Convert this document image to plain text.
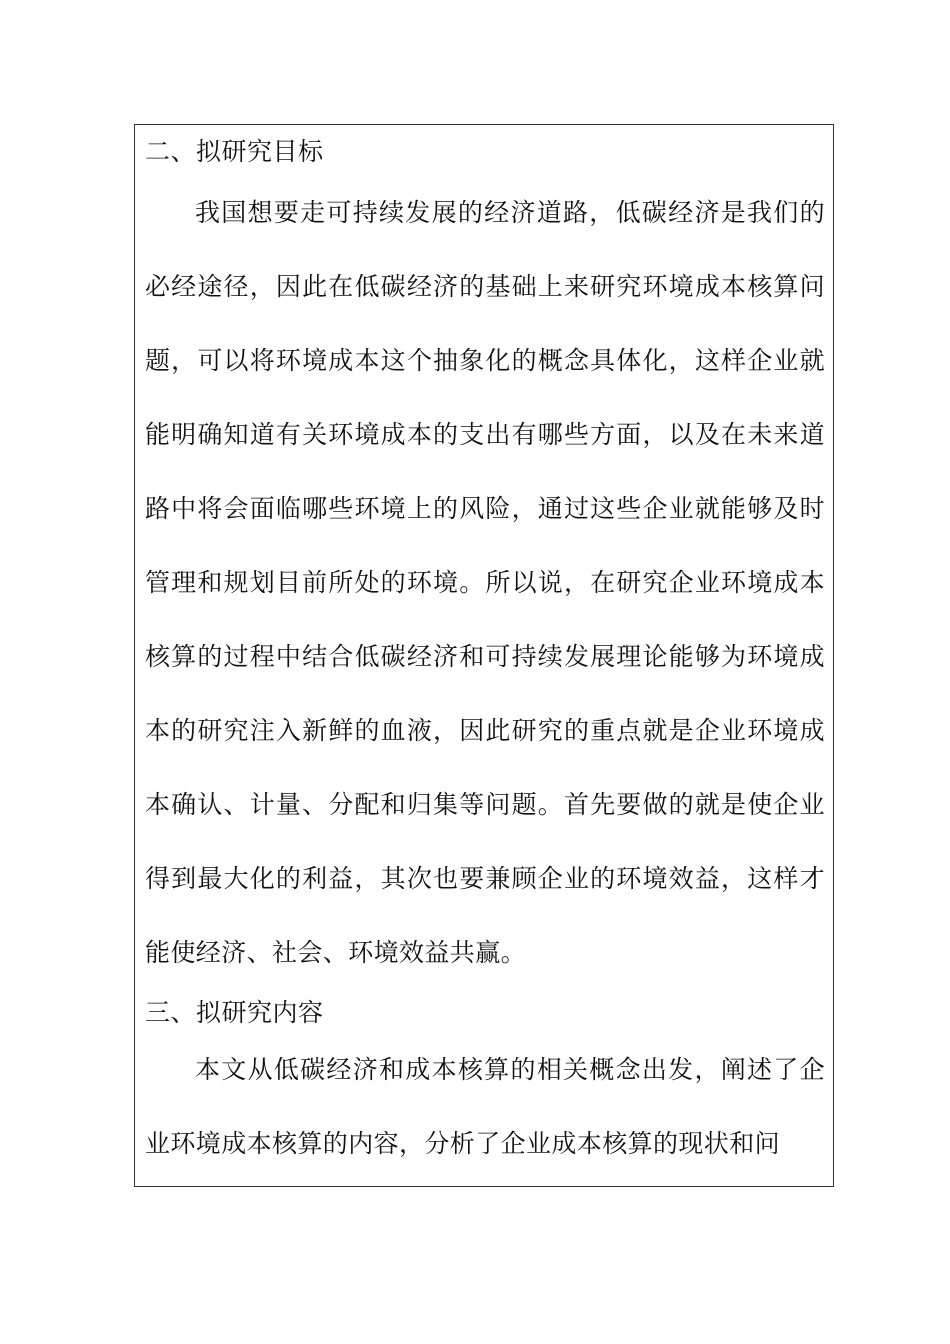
二、拟研究目标
我国想要走可持续发展的经济道路，低碳经济是我们的必经途径，因此在低碳经济的基础上来研究环境成本核算问题，可以将环境成本这个抽象化的概念具体化，这样企业就能明确知道有关环境成本的支出有哪些方面，以及在未来道路中将会面临哪些环境上的风险，通过这些企业就能够及时管理和规划目前所处的环境。所以说，在研究企业环境成本核算的过程中结合低碳经济和可持续发展理论能够为环境成本的研究注入新鲜的血液，因此研究的重点就是企业环境成本确认、计量、分配和归集等问题。首先要做的就是使企业得到最大化的利益，其次也要兼顾企业的环境效益，这样才能使经济、社会、环境效益共赢。
三、拟研究内容
本文从低碳经济和成本核算的相关概念出发，阐述了企业环境成本核算的内容，分析了企业成本核算的现状和问
